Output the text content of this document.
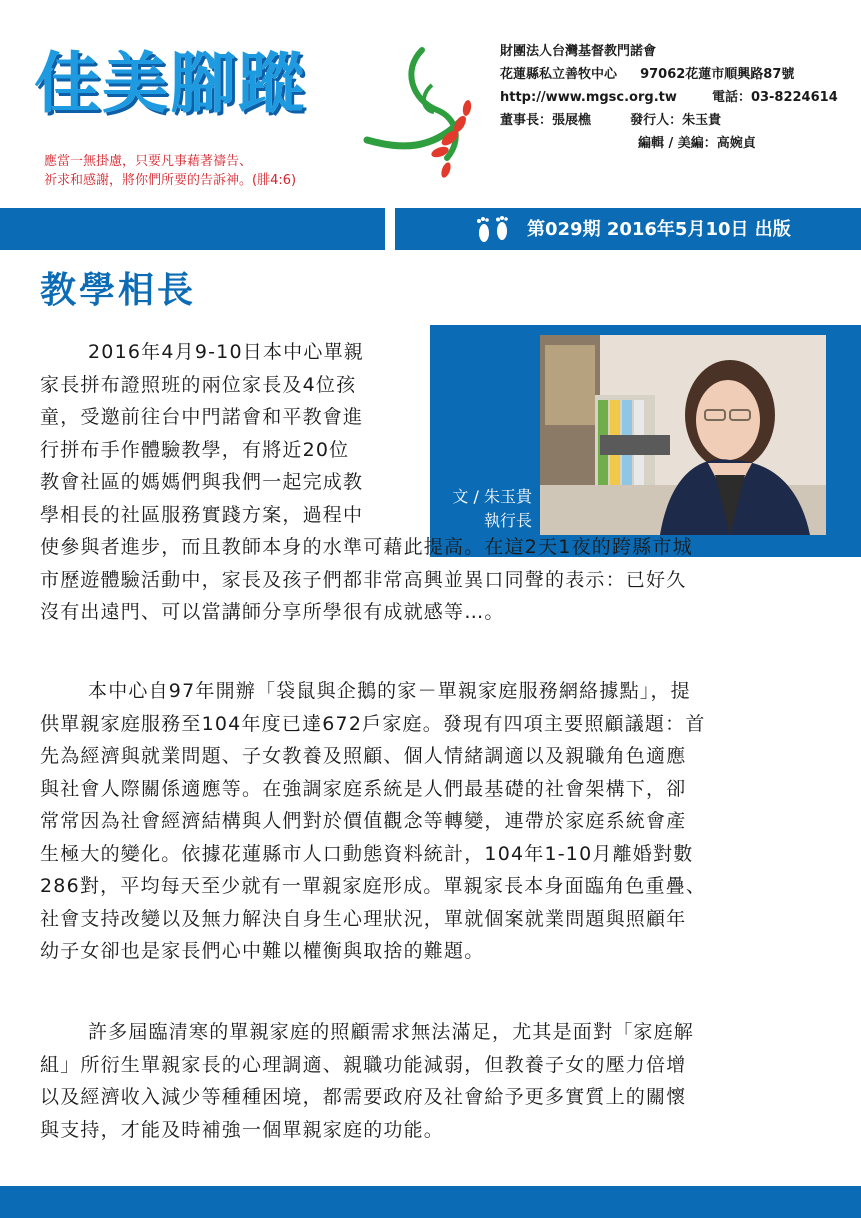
佳美腳蹤
應當一無掛慮，只要凡事藉著禱告、
祈求和感謝，將你們所要的告訴神。(腓4:6)
財團法人台灣基督教門諾會
花蓮縣私立善牧中心 97062花蓮市順興路87號
http://www.mgsc.org.tw	電話：03-8224614
董事長：張展樵	發行人：朱玉貴
編輯 / 美編：高婉貞
第029期 2016年5月10日 出版
教學相長
文 / 朱玉貴
執行長
2016年4月9-10日本中心單親
家長拼布證照班的兩位家長及4位孩
童，受邀前往台中門諾會和平教會進
行拼布手作體驗教學，有將近20位
教會社區的媽媽們與我們一起完成教
學相長的社區服務實踐方案，過程中
使參與者進步，而且教師本身的水準可藉此提高。在這2天1夜的跨縣市城
市歷遊體驗活動中，家長及孩子們都非常高興並異口同聲的表示：已好久
沒有出遠門、可以當講師分享所學很有成就感等…。
本中心自97年開辦「袋鼠與企鵝的家－單親家庭服務網絡據點」，提
供單親家庭服務至104年度已達672戶家庭。發現有四項主要照顧議題：首
先為經濟與就業問題、子女教養及照顧、個人情緒調適以及親職角色適應
與社會人際關係適應等。在強調家庭系統是人們最基礎的社會架構下，卻
常常因為社會經濟結構與人們對於價值觀念等轉變，連帶於家庭系統會產
生極大的變化。依據花蓮縣市人口動態資料統計，104年1-10月離婚對數
286對，平均每天至少就有一單親家庭形成。單親家長本身面臨角色重疊、
社會支持改變以及無力解決自身生心理狀況，單就個案就業問題與照顧年
幼子女卻也是家長們心中難以權衡與取捨的難題。
許多屆臨清寒的單親家庭的照顧需求無法滿足，尤其是面對「家庭解
組」所衍生單親家長的心理調適、親職功能減弱，但教養子女的壓力倍增
以及經濟收入減少等種種困境，都需要政府及社會給予更多實質上的關懷
與支持，才能及時補強一個單親家庭的功能。
